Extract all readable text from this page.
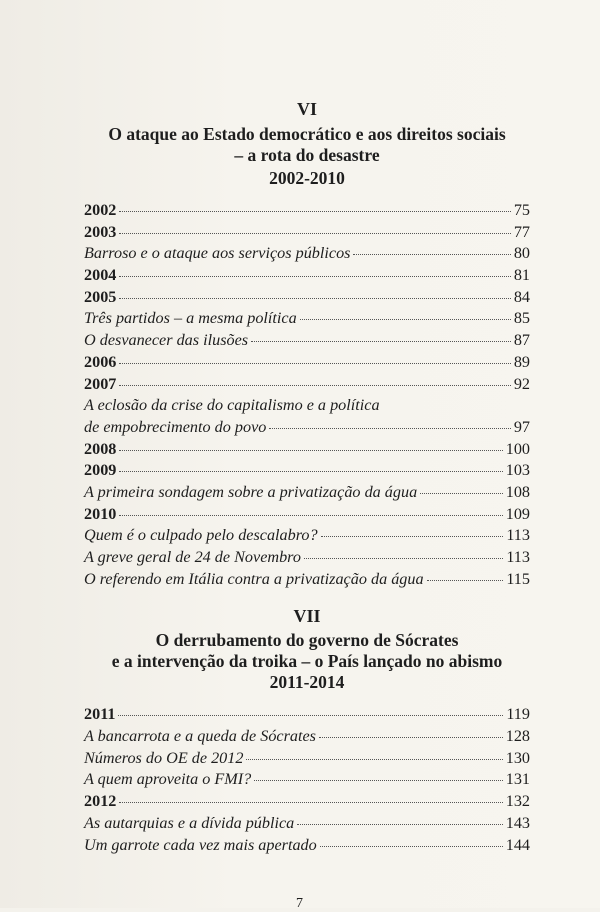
VI
O ataque ao Estado democrático e aos direitos sociais
– a rota do desastre
2002-2010
2002	75
2003	77
Barroso e o ataque aos serviços públicos	80
2004	81
2005	84
Três partidos – a mesma política	85
O desvanecer das ilusões	87
2006	89
2007	92
A eclosão da crise do capitalismo e a política
de empobrecimento do povo	97
2008	100
2009	103
A primeira sondagem sobre a privatização da água	108
2010	109
Quem é o culpado pelo descalabro?	113
A greve geral de 24 de Novembro	113
O referendo em Itália contra a privatização da água	115
VII
O derrubamento do governo de Sócrates
e a intervenção da troika – o País lançado no abismo
2011-2014
2011	119
A bancarrota e a queda de Sócrates	128
Números do OE de 2012	130
A quem aproveita o FMI?	131
2012	132
As autarquias e a dívida pública	143
Um garrote cada vez mais apertado	144
7
